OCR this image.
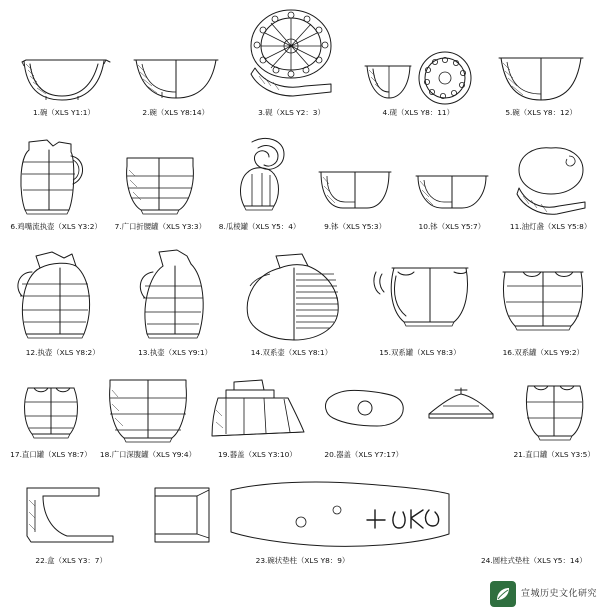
1.碗（XLS Y1:1）	2.碗（XLS Y8:14）	3.砚（XLS Y2：3）	4.砚（XLS Y8：11）	5.碗（XLS Y8：12）
6.鸡嘴流执壶（XLS Y3:2） 7.广口折腰罐（XLS Y3:3） 8.瓜棱罐（XLS Y5：4）	9.钵（XLS Y5:3）	10.钵（XLS Y5:7）	11.油灯盏（XLS Y5:8）
12.执壶（XLS Y8:2）	13.执壶（XLS Y9:1）	14.双系壶（XLS Y8:1）	15.双系罐（XLS Y8:3）	16.双系罐（XLS Y9:2）
17.直口罐（XLS Y8:7） 18.广口深腹罐（XLS Y9:4）	19.器盖（XLS Y3:10）	20.器盖（XLS Y7:17）	21.直口罐（XLS Y3:5）
22.盒（XLS Y3：7）	23.碗状垫柱（XLS Y8：9）	24.圆柱式垫柱（XLS Y5：14）
宣城历史文化研究
